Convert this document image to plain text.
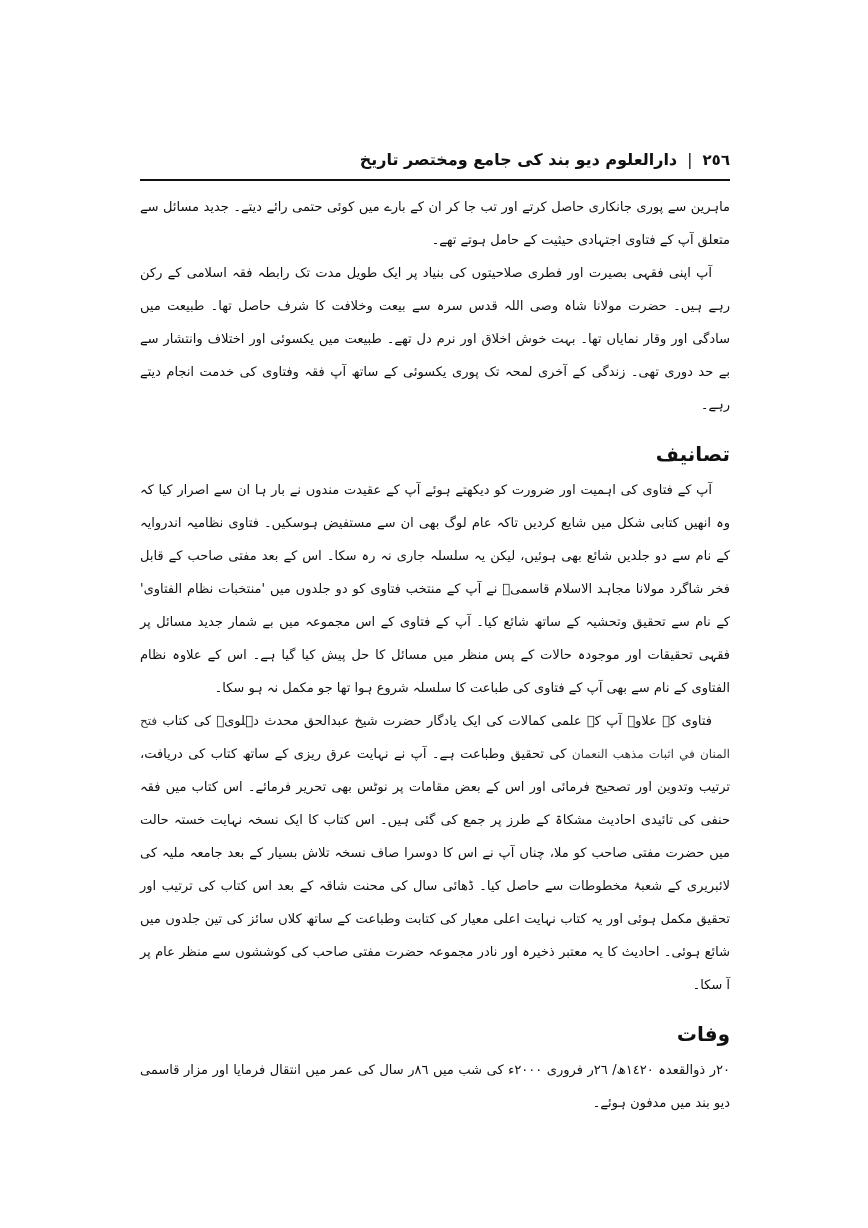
٢٥٦
|
دارالعلوم دیو بند کی جامع ومختصر تاریخ

ماہرین سے پوری جانکاری حاصل کرتے اور تب جا کر ان کے بارے میں کوئی حتمی رائے دیتے۔ جدید مسائل سے متعلق آپ کے فتاوی اجتہادی حیثیت کے حامل ہوتے تھے۔

آپ اپنی فقہی بصیرت اور فطری صلاحیتوں کی بنیاد پر ایک طویل مدت تک رابطہ فقہ اسلامی کے رکن رہے ہیں۔ حضرت مولانا شاہ وصی اللہ قدس سرہ سے بیعت وخلافت کا شرف حاصل تھا۔ طبیعت میں سادگی اور وقار نمایاں تھا۔ بہت خوش اخلاق اور نرم دل تھے۔ طبیعت میں یکسوئی اور اختلاف وانتشار سے بے حد دوری تھی۔ زندگی کے آخری لمحہ تک پوری یکسوئی کے ساتھ آپ فقہ وفتاوی کی خدمت انجام دیتے رہے۔

تصانیف

آپ کے فتاوی کی اہمیت اور ضرورت کو دیکھتے ہوئے آپ کے عقیدت مندوں نے بار ہا ان سے اصرار کیا کہ وہ انھیں کتابی شکل میں شایع کردیں تاکہ عام لوگ بھی ان سے مستفیض ہوسکیں۔ فتاوی نظامیہ اندروایہ کے نام سے دو جلدیں شائع بھی ہوئیں، لیکن یہ سلسلہ جاری نہ رہ سکا۔ اس کے بعد مفتی صاحب کے قابل فخر شاگرد مولانا مجاہد الاسلام قاسمیؒ نے آپ کے منتخب فتاوی کو دو جلدوں میں 'منتخبات نظام الفتاوی' کے نام سے تحقیق وتحشیہ کے ساتھ شائع کیا۔ آپ کے فتاوی کے اس مجموعہ میں بے شمار جدید مسائل پر فقہی تحقیقات اور موجودہ حالات کے پس منظر میں مسائل کا حل پیش کیا گیا ہے۔ اس کے علاوہ نظام الفتاوی کے نام سے بھی آپ کے فتاوی کی طباعت کا سلسلہ شروع ہوا تھا جو مکمل نہ ہو سکا۔

فتاوی کے علاوہ آپ کے علمی کمالات کی ایک یادگار حضرت شیخ عبدالحق محدث دہلویؒ کی کتاب فتح المنان في اثبات مذهب النعمان کی تحقیق وطباعت ہے۔ آپ نے نہایت عرق ریزی کے ساتھ کتاب کی دریافت، ترتیب وتدوین اور تصحیح فرمائی اور اس کے بعض مقامات پر نوٹس بھی تحریر فرمائے۔ اس کتاب میں فقہ حنفی کی تائیدی احادیث مشکاۃ کے طرز پر جمع کی گئی ہیں۔ اس کتاب کا ایک نسخہ نہایت خستہ حالت میں حضرت مفتی صاحب کو ملا، چناں آپ نے اس کا دوسرا صاف نسخہ تلاش بسیار کے بعد جامعہ ملیہ کی لائبریری کے شعبۂ مخطوطات سے حاصل کیا۔ ڈھائی سال کی محنت شاقہ کے بعد اس کتاب کی ترتیب اور تحقیق مکمل ہوئی اور یہ کتاب نہایت اعلی معیار کی کتابت وطباعت کے ساتھ کلاں سائز کی تین جلدوں میں شائع ہوئی۔ احادیث کا یہ معتبر ذخیرہ اور نادر مجموعہ حضرت مفتی صاحب کی کوششوں سے منظر عام پر آ سکا۔

وفات

٢٠ر ذوالقعدہ ١٤٢٠ھ/ ٢٦ر فروری ٢٠٠٠ء کی شب میں ٨٦ر سال کی عمر میں انتقال فرمایا اور مزار قاسمی دیو بند میں مدفون ہوئے۔
